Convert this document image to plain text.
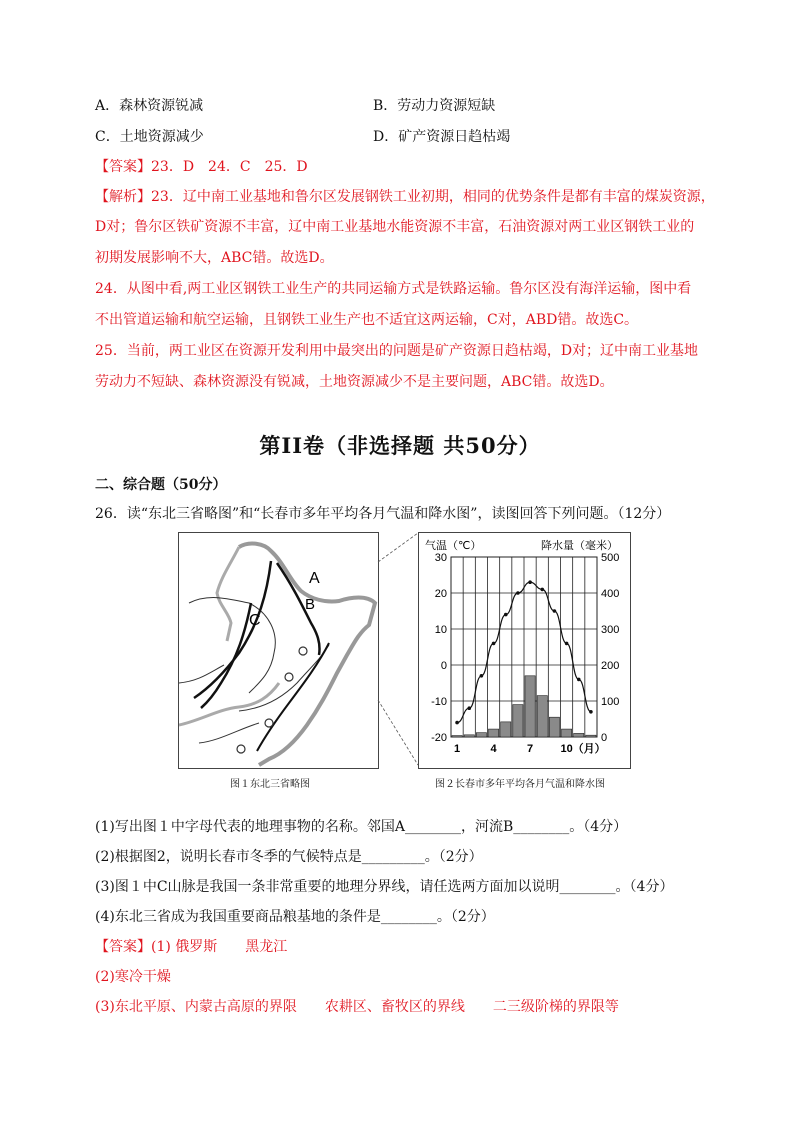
A．森林资源锐减	B．劳动力资源短缺
C．土地资源减少	D．矿产资源日趋枯竭
【答案】23．D　24．C　25．D
【解析】23．辽中南工业基地和鲁尔区发展钢铁工业初期，相同的优势条件是都有丰富的煤炭资源，
D对；鲁尔区铁矿资源不丰富，辽中南工业基地水能资源不丰富，石油资源对两工业区钢铁工业的
初期发展影响不大，ABC错。故选D。
24．从图中看,两工业区钢铁工业生产的共同运输方式是铁路运输。鲁尔区没有海洋运输，图中看
不出管道运输和航空运输，且钢铁工业生产也不适宜这两运输，C对，ABD错。故选C。
25．当前，两工业区在资源开发利用中最突出的问题是矿产资源日趋枯竭，D对；辽中南工业基地
劳动力不短缺、森林资源没有锐减，土地资源减少不是主要问题，ABC错。故选D。
第II卷（非选择题 共50分）
二、综合题（50分）
26．读“东北三省略图”和“长春市多年平均各月气温和降水图”，读图回答下列问题。（12分）
A
B
C
图１东北三省略图
气温（℃）	降水量（毫米）
30
20
10
0
-10
-20
500
400
300
200
100
0
1	4	7 10 （月）
图２长春市多年平均各月气温和降水图
(1)写出图１中字母代表的地理事物的名称。邻国A________，河流B________。（4分）
(2)根据图2，说明长春市冬季的气候特点是_________。（2分）
(3)图１中C山脉是我国一条非常重要的地理分界线，请任选两方面加以说明________。（4分）
(4)东北三省成为我国重要商品粮基地的条件是________。（2分）
【答案】(1) 俄罗斯　　黑龙江
(2)寒冷干燥
(3)东北平原、内蒙古高原的界限　　农耕区、畜牧区的界线　　二三级阶梯的界限等
